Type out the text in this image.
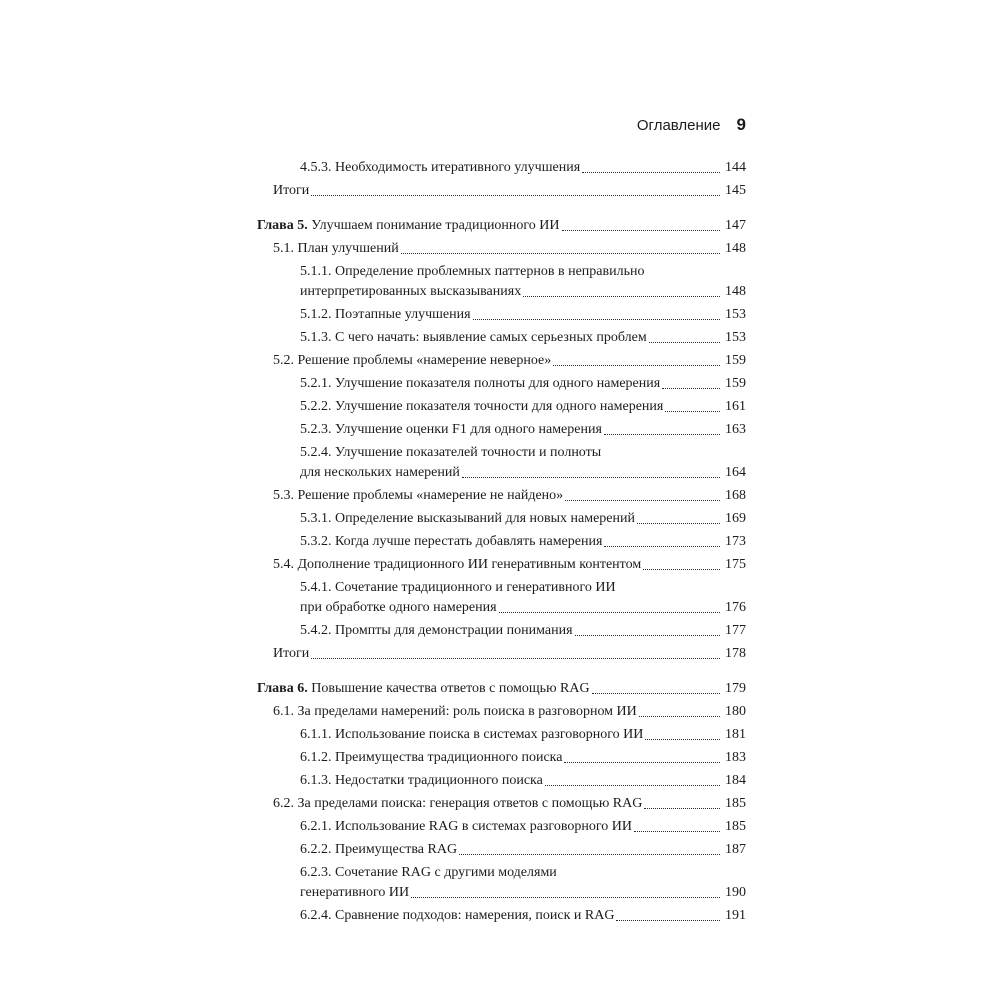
Оглавление 9
4.5.3. Необходимость итеративного улучшения	144
Итоги	145
Глава 5. Улучшаем понимание традиционного ИИ	147
5.1. План улучшений	148
5.1.1. Определение проблемных паттернов в неправильно
интерпретированных высказываниях	148
5.1.2. Поэтапные улучшения	153
5.1.3. С чего начать: выявление самых серьезных проблем	153
5.2. Решение проблемы «намерение неверное»	159
5.2.1. Улучшение показателя полноты для одного намерения	159
5.2.2. Улучшение показателя точности для одного намерения	161
5.2.3. Улучшение оценки F1 для одного намерения	163
5.2.4. Улучшение показателей точности и полноты
для нескольких намерений	164
5.3. Решение проблемы «намерение не найдено»	168
5.3.1. Определение высказываний для новых намерений	169
5.3.2. Когда лучше перестать добавлять намерения	173
5.4. Дополнение традиционного ИИ генеративным контентом	175
5.4.1. Сочетание традиционного и генеративного ИИ
при обработке одного намерения	176
5.4.2. Промпты для демонстрации понимания	177
Итоги	178
Глава 6. Повышение качества ответов с помощью RAG	179
6.1. За пределами намерений: роль поиска в разговорном ИИ	180
6.1.1. Использование поиска в системах разговорного ИИ	181
6.1.2. Преимущества традиционного поиска	183
6.1.3. Недостатки традиционного поиска	184
6.2. За пределами поиска: генерация ответов с помощью RAG	185
6.2.1. Использование RAG в системах разговорного ИИ	185
6.2.2. Преимущества RAG	187
6.2.3. Сочетание RAG с другими моделями
генеративного ИИ	190
6.2.4. Сравнение подходов: намерения, поиск и RAG	191
